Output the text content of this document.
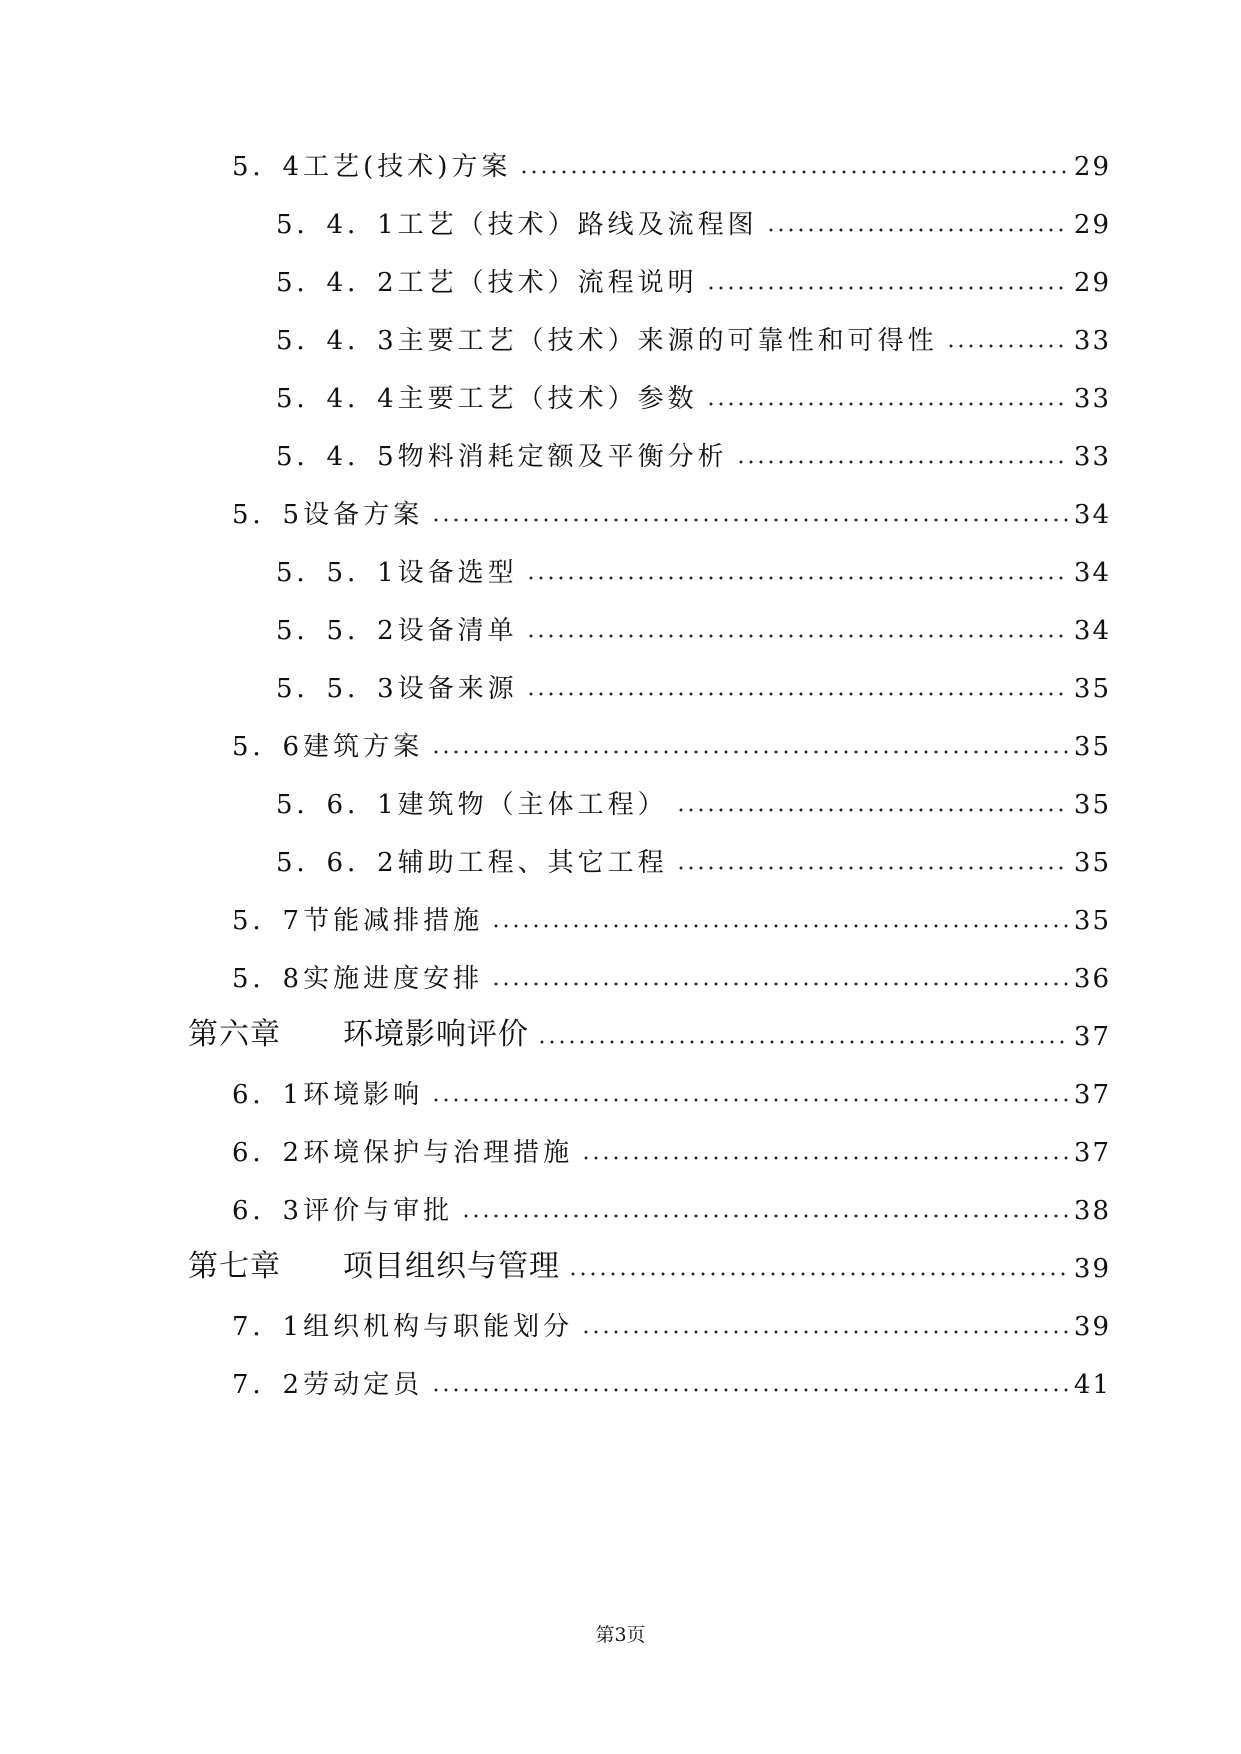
5．4工艺(技术)方案	29
5．4．1工艺（技术）路线及流程图	29
5．4．2工艺（技术）流程说明	29
5．4．3主要工艺（技术）来源的可靠性和可得性	33
5．4．4主要工艺（技术）参数	33
5．4．5物料消耗定额及平衡分析	33
5．5设备方案	34
5．5．1设备选型	34
5．5．2设备清单	34
5．5．3设备来源	35
5．6建筑方案	35
5．6．1建筑物（主体工程）	35
5．6．2辅助工程、其它工程	35
5．7节能减排措施	35
5．8实施进度安排	36
第六章 环境影响评价	37
6．1环境影响	37
6．2环境保护与治理措施	37
6．3评价与审批	38
第七章 项目组织与管理	39
7．1组织机构与职能划分	39
7．2劳动定员	41
第3页
